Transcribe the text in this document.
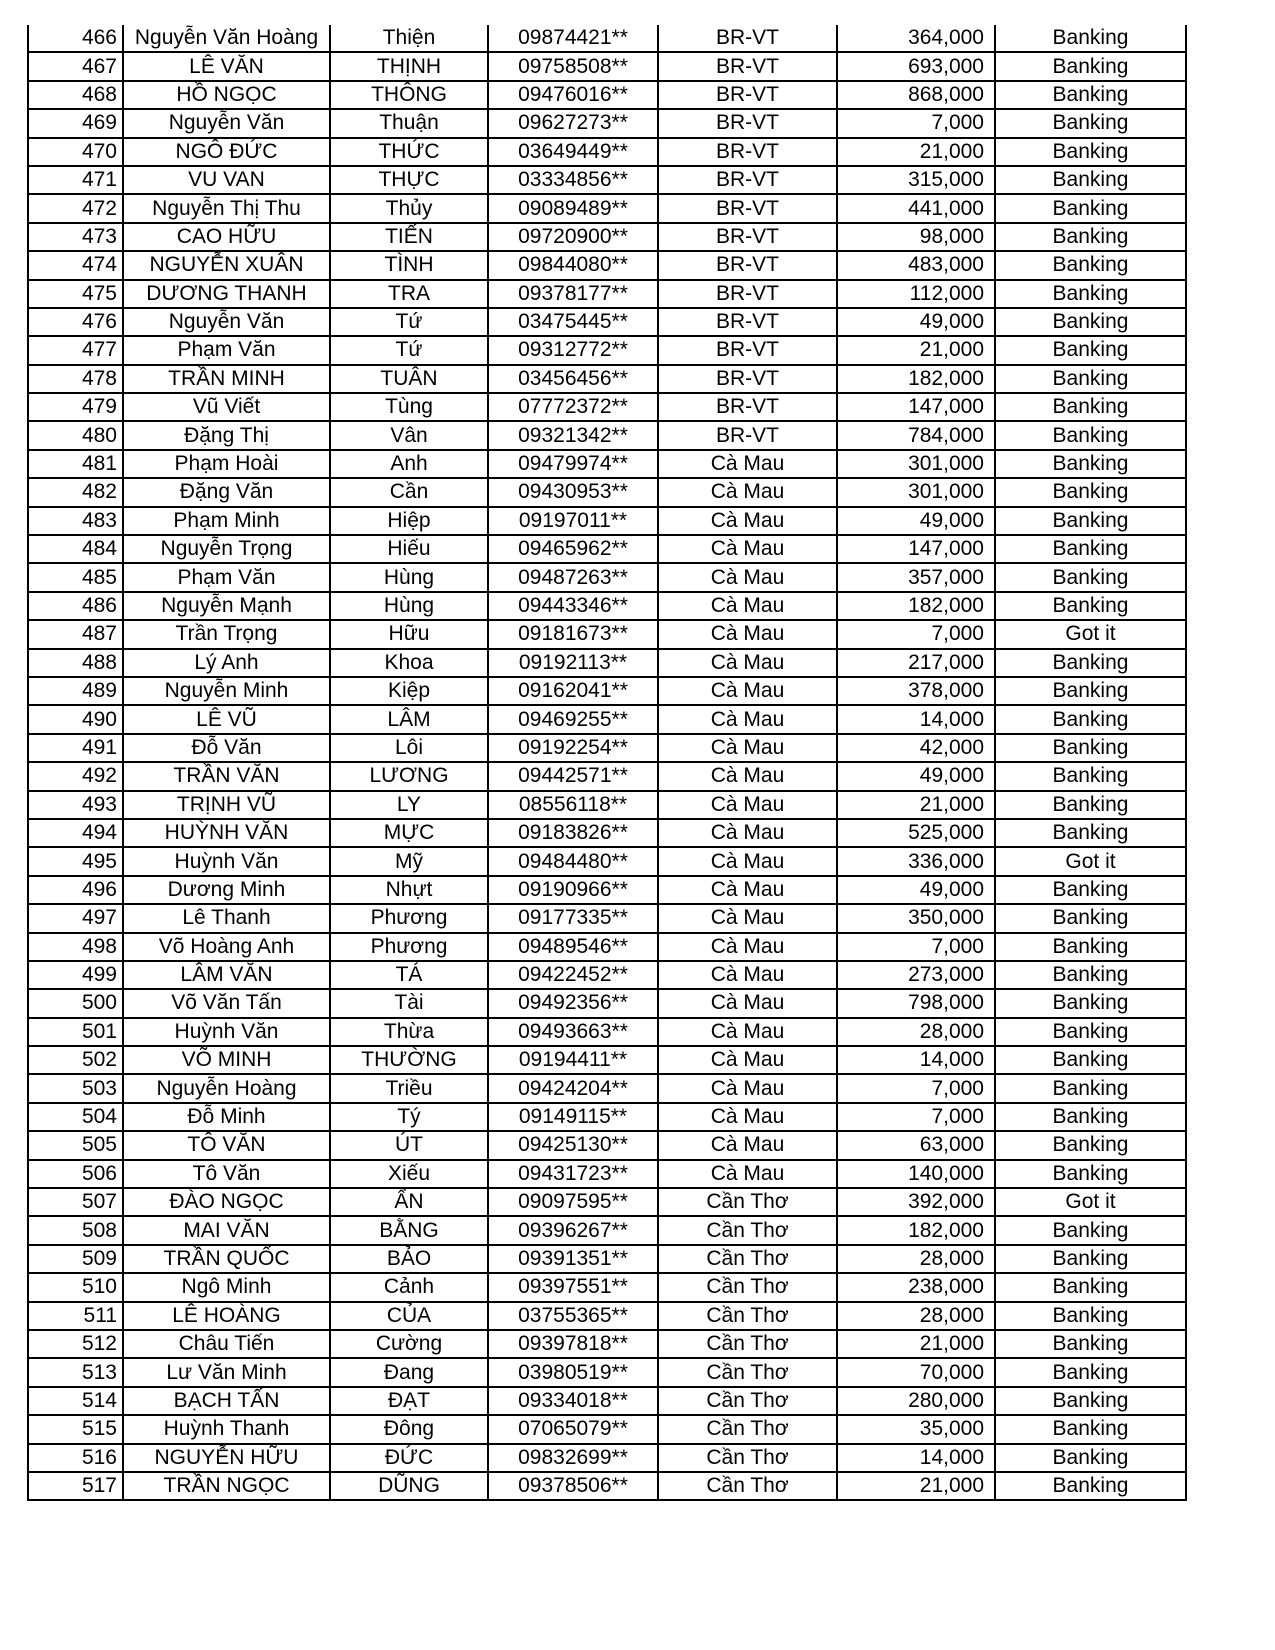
466	Nguyễn Văn Hoàng	Thiện	09874421**	BR-VT	364,000	Banking
467	LÊ VĂN	THỊNH	09758508**	BR-VT	693,000	Banking
468	HỒ NGỌC	THÔNG	09476016**	BR-VT	868,000	Banking
469	Nguyễn Văn	Thuận	09627273**	BR-VT	7,000	Banking
470	NGÔ ĐỨC	THỨC	03649449**	BR-VT	21,000	Banking
471	VU VAN	THỰC	03334856**	BR-VT	315,000	Banking
472	Nguyễn Thị Thu	Thủy	09089489**	BR-VT	441,000	Banking
473	CAO HỮU	TIẾN	09720900**	BR-VT	98,000	Banking
474	NGUYỄN XUÂN	TÌNH	09844080**	BR-VT	483,000	Banking
475	DƯƠNG THANH	TRA	09378177**	BR-VT	112,000	Banking
476	Nguyễn Văn	Tứ	03475445**	BR-VT	49,000	Banking
477	Phạm Văn	Tứ	09312772**	BR-VT	21,000	Banking
478	TRẦN MINH	TUÂN	03456456**	BR-VT	182,000	Banking
479	Vũ Viết	Tùng	07772372**	BR-VT	147,000	Banking
480	Đặng Thị	Vân	09321342**	BR-VT	784,000	Banking
481	Phạm Hoài	Anh	09479974**	Cà Mau	301,000	Banking
482	Đặng Văn	Cần	09430953**	Cà Mau	301,000	Banking
483	Phạm Minh	Hiệp	09197011**	Cà Mau	49,000	Banking
484	Nguyễn Trọng	Hiếu	09465962**	Cà Mau	147,000	Banking
485	Phạm Văn	Hùng	09487263**	Cà Mau	357,000	Banking
486	Nguyễn Mạnh	Hùng	09443346**	Cà Mau	182,000	Banking
487	Trần Trọng	Hữu	09181673**	Cà Mau	7,000	Got it
488	Lý Anh	Khoa	09192113**	Cà Mau	217,000	Banking
489	Nguyễn Minh	Kiệp	09162041**	Cà Mau	378,000	Banking
490	LÊ VŨ	LÂM	09469255**	Cà Mau	14,000	Banking
491	Đỗ Văn	Lôi	09192254**	Cà Mau	42,000	Banking
492	TRẦN VĂN	LƯƠNG	09442571**	Cà Mau	49,000	Banking
493	TRỊNH VŨ	LY	08556118**	Cà Mau	21,000	Banking
494	HUỲNH VĂN	MỰC	09183826**	Cà Mau	525,000	Banking
495	Huỳnh Văn	Mỹ	09484480**	Cà Mau	336,000	Got it
496	Dương Minh	Nhựt	09190966**	Cà Mau	49,000	Banking
497	Lê Thanh	Phương	09177335**	Cà Mau	350,000	Banking
498	Võ Hoàng Anh	Phương	09489546**	Cà Mau	7,000	Banking
499	LÂM VĂN	TÁ	09422452**	Cà Mau	273,000	Banking
500	Võ Văn Tấn	Tài	09492356**	Cà Mau	798,000	Banking
501	Huỳnh Văn	Thừa	09493663**	Cà Mau	28,000	Banking
502	VÕ MINH	THƯỜNG	09194411**	Cà Mau	14,000	Banking
503	Nguyễn Hoàng	Triều	09424204**	Cà Mau	7,000	Banking
504	Đỗ Minh	Tý	09149115**	Cà Mau	7,000	Banking
505	TÔ VĂN	ÚT	09425130**	Cà Mau	63,000	Banking
506	Tô Văn	Xiếu	09431723**	Cà Mau	140,000	Banking
507	ĐÀO NGỌC	ẨN	09097595**	Cần Thơ	392,000	Got it
508	MAI VĂN	BẰNG	09396267**	Cần Thơ	182,000	Banking
509	TRẦN QUỐC	BẢO	09391351**	Cần Thơ	28,000	Banking
510	Ngô Minh	Cảnh	09397551**	Cần Thơ	238,000	Banking
511	LÊ HOÀNG	CỦA	03755365**	Cần Thơ	28,000	Banking
512	Châu Tiến	Cường	09397818**	Cần Thơ	21,000	Banking
513	Lư Văn Minh	Đang	03980519**	Cần Thơ	70,000	Banking
514	BẠCH TẤN	ĐẠT	09334018**	Cần Thơ	280,000	Banking
515	Huỳnh Thanh	Đông	07065079**	Cần Thơ	35,000	Banking
516	NGUYỄN HỮU	ĐỨC	09832699**	Cần Thơ	14,000	Banking
517	TRẦN NGỌC	DŨNG	09378506**	Cần Thơ	21,000	Banking
